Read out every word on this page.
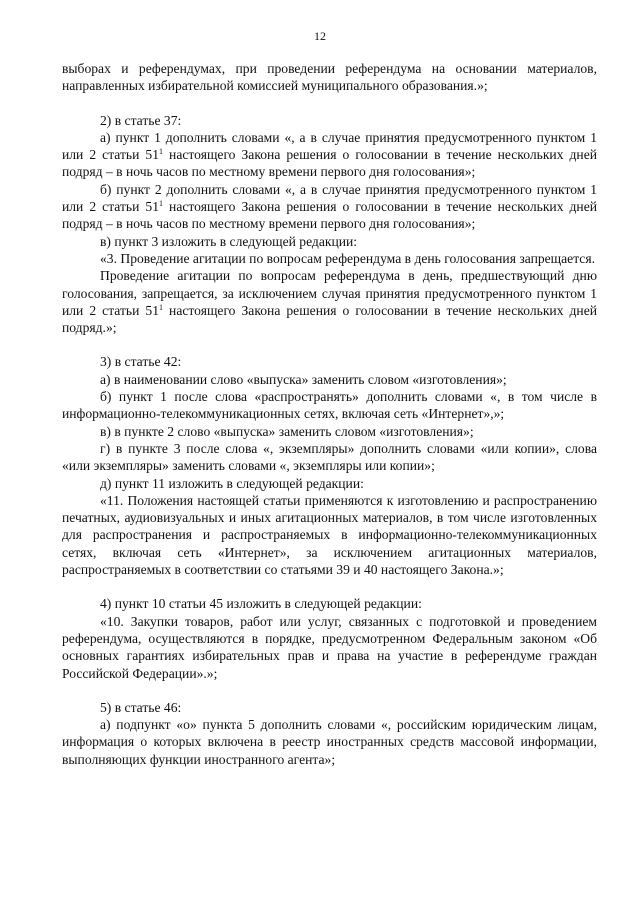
12

выборах и референдумах, при проведении референдума на основании материалов, направленных избирательной комиссией муниципального образования.»;

2) в статье 37:

а) пункт 1 дополнить словами «, а в случае принятия предусмотренного пунктом 1 или 2 статьи $51^1$ настоящего Закона решения о голосовании в течение нескольких дней подряд – в ночь часов по местному времени первого дня голосования»;

б) пункт 2 дополнить словами «, а в случае принятия предусмотренного пунктом 1 или 2 статьи $51^1$ настоящего Закона решения о голосовании в течение нескольких дней подряд – в ночь часов по местному времени первого дня голосования»;

в) пункт 3 изложить в следующей редакции:

«3. Проведение агитации по вопросам референдума в день голосования запрещается.

Проведение агитации по вопросам референдума в день, предшествующий дню голосования, запрещается, за исключением случая принятия предусмотренного пунктом 1 или 2 статьи $51^1$ настоящего Закона решения о голосовании в течение нескольких дней подряд.»;

3) в статье 42:

а) в наименовании слово «выпуска» заменить словом «изготовления»;

б) пункт 1 после слова «распространять» дополнить словами «, в том числе в информационно-телекоммуникационных сетях, включая сеть «Интернет»,»;

в) в пункте 2 слово «выпуска» заменить словом «изготовления»;

г) в пункте 3 после слова «, экземпляры» дополнить словами «или копии», слова «или экземпляры» заменить словами «, экземпляры или копии»;

д) пункт 11 изложить в следующей редакции:

«11. Положения настоящей статьи применяются к изготовлению и распространению печатных, аудиовизуальных и иных агитационных материалов, в том числе изготовленных для распространения и распространяемых в информационно-телекоммуникационных сетях, включая сеть «Интернет», за исключением агитационных материалов, распространяемых в соответствии со статьями 39 и 40 настоящего Закона.»;

4) пункт 10 статьи 45 изложить в следующей редакции:

«10. Закупки товаров, работ или услуг, связанных с подготовкой и проведением референдума, осуществляются в порядке, предусмотренном Федеральным законом «Об основных гарантиях избирательных прав и права на участие в референдуме граждан Российской Федерации».»;

5) в статье 46:

а) подпункт «о» пункта 5 дополнить словами «, российским юридическим лицам, информация о которых включена в реестр иностранных средств массовой информации, выполняющих функции иностранного агента»;
